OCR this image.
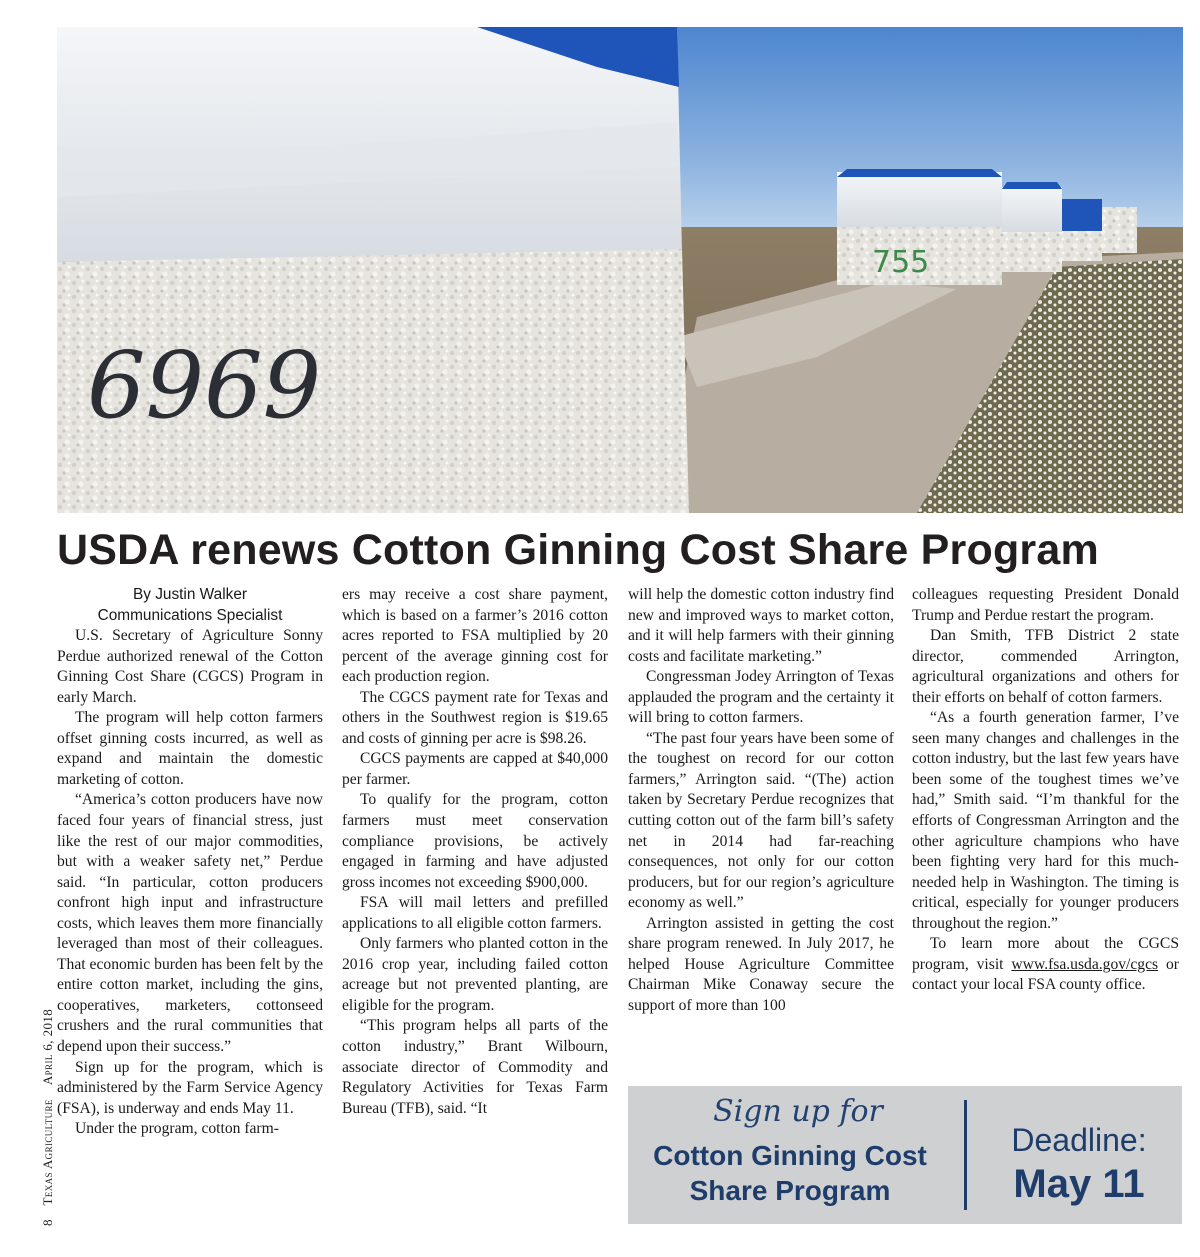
755
6969
USDA renews Cotton Ginning Cost Share Program
8
Texas Agriculture
April 6, 2018
By Justin Walker
Communications Specialist

U.S. Secretary of Agriculture Sonny Perdue authorized renewal of the Cotton Ginning Cost Share (CGCS) Program in early March.

The program will help cotton farmers offset ginning costs incurred, as well as expand and maintain the domestic marketing of cotton.

“America’s cotton producers have now faced four years of financial stress, just like the rest of our major commodities, but with a weaker safety net,” Perdue said. “In particular, cotton producers confront high input and infrastructure costs, which leaves them more financially leveraged than most of their colleagues. That economic burden has been felt by the entire cotton market, including the gins, cooperatives, marketers, cottonseed crushers and the rural communities that depend upon their success.”

Sign up for the program, which is administered by the Farm Service Agency (FSA), is underway and ends May 11.

Under the program, cotton farm-

ers may receive a cost share payment, which is based on a farmer’s 2016 cotton acres reported to FSA multiplied by 20 percent of the average ginning cost for each production region.

The CGCS payment rate for Texas and others in the Southwest region is $19.65 and costs of ginning per acre is $98.26.

CGCS payments are capped at $40,000 per farmer.

To qualify for the program, cotton farmers must meet conservation compliance provisions, be actively engaged in farming and have adjusted gross incomes not exceeding $900,000.

FSA will mail letters and prefilled applications to all eligible cotton farmers.

Only farmers who planted cotton in the 2016 crop year, including failed cotton acreage but not prevented planting, are eligible for the program.

“This program helps all parts of the cotton industry,” Brant Wilbourn, associate director of Commodity and Regulatory Activities for Texas Farm Bureau (TFB), said. “It

will help the domestic cotton industry find new and improved ways to market cotton, and it will help farmers with their ginning costs and facilitate marketing.”

Congressman Jodey Arrington of Texas applauded the program and the certainty it will bring to cotton farmers.

“The past four years have been some of the toughest on record for our cotton farmers,” Arrington said. “(The) action taken by Secretary Perdue recognizes that cutting cotton out of the farm bill’s safety net in 2014 had far-reaching consequences, not only for our cotton producers, but for our region’s agriculture economy as well.”

Arrington assisted in getting the cost share program renewed. In July 2017, he helped House Agriculture Committee Chairman Mike Conaway secure the support of more than 100

colleagues requesting President Donald Trump and Perdue restart the program.

Dan Smith, TFB District 2 state director, commended Arrington, agricultural organizations and others for their efforts on behalf of cotton farmers.

“As a fourth generation farmer, I’ve seen many changes and challenges in the cotton industry, but the last few years have been some of the toughest times we’ve had,” Smith said. “I’m thankful for the efforts of Congressman Arrington and the other agriculture champions who have been fighting very hard for this much-needed help in Washington. The timing is critical, especially for younger producers throughout the region.”

To learn more about the CGCS program, visit www.fsa.usda.gov/cgcs or contact your local FSA county office.

Sign up for
Cotton Ginning Cost
Share Program
Deadline:
May 11
